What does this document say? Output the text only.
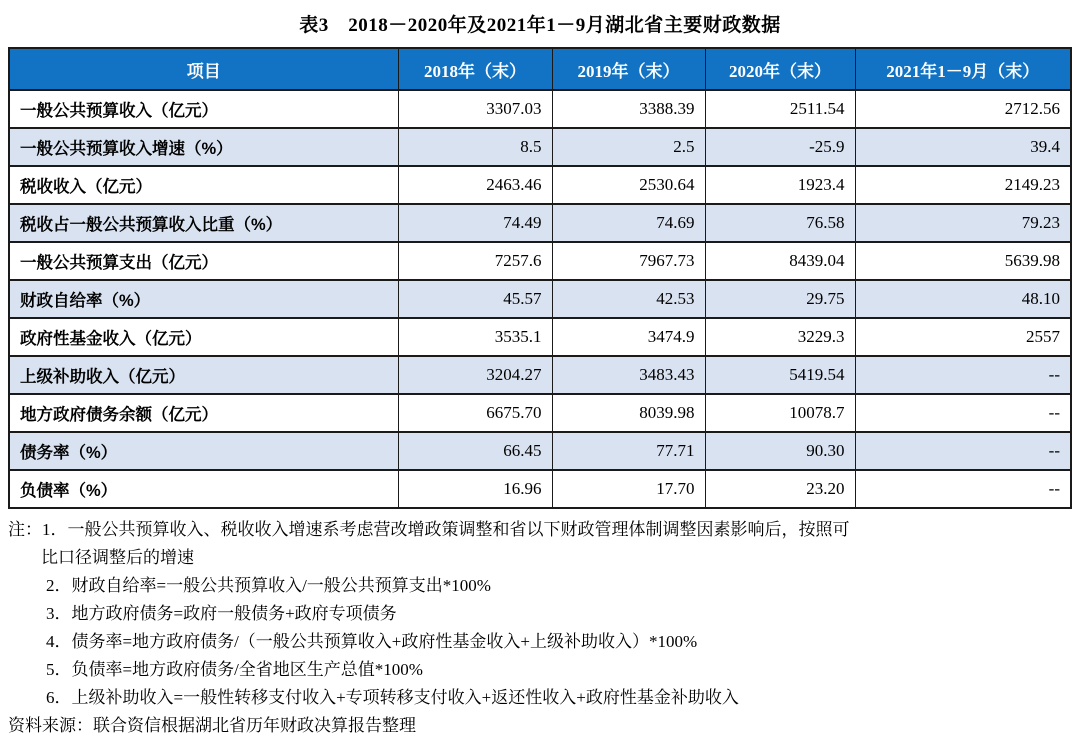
表3　2018－2020年及2021年1－9月湖北省主要财政数据
项目	2018年（末）	2019年（末）	2020年（末）	2021年1－9月（末）
一般公共预算收入（亿元）	3307.03	3388.39	2511.54	2712.56
一般公共预算收入增速（%）	8.5	2.5	-25.9	39.4
税收收入（亿元）	2463.46	2530.64	1923.4	2149.23
税收占一般公共预算收入比重（%）	74.49	74.69	76.58	79.23
一般公共预算支出（亿元）	7257.6	7967.73	8439.04	5639.98
财政自给率（%）	45.57	42.53	29.75	48.10
政府性基金收入（亿元）	3535.1	3474.9	3229.3	2557
上级补助收入（亿元）	3204.27	3483.43	5419.54	--
地方政府债务余额（亿元）	6675.70	8039.98	10078.7	--
债务率（%）	66.45	77.71	90.30	--
负债率（%）	16.96	17.70	23.20	--
注：1．一般公共预算收入、税收收入增速系考虑营改增政策调整和省以下财政管理体制调整因素影响后，按照可
比口径调整后的增速
2．财政自给率=一般公共预算收入/一般公共预算支出*100%
3．地方政府债务=政府一般债务+政府专项债务
4．债务率=地方政府债务/（一般公共预算收入+政府性基金收入+上级补助收入）*100%
5．负债率=地方政府债务/全省地区生产总值*100%
6．上级补助收入=一般性转移支付收入+专项转移支付收入+返还性收入+政府性基金补助收入
资料来源：联合资信根据湖北省历年财政决算报告整理
